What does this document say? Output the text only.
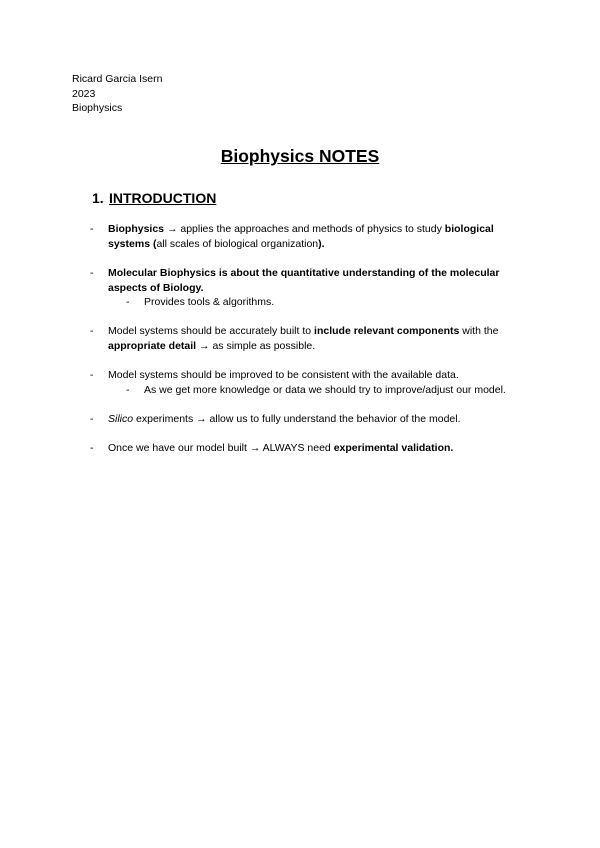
Ricard Garcia Isern
2023
Biophysics
Biophysics NOTES
1. INTRODUCTION
- Biophysics → applies the approaches and methods of physics to study biological systems (all scales of biological organization).
- Molecular Biophysics is about the quantitative understanding of the molecular aspects of Biology.
- Provides tools & algorithms.
- Model systems should be accurately built to include relevant components with the appropriate detail → as simple as possible.
- Model systems should be improved to be consistent with the available data.
- As we get more knowledge or data we should try to improve/adjust our model.
- Silico experiments → allow us to fully understand the behavior of the model.
- Once we have our model built → ALWAYS need experimental validation.
